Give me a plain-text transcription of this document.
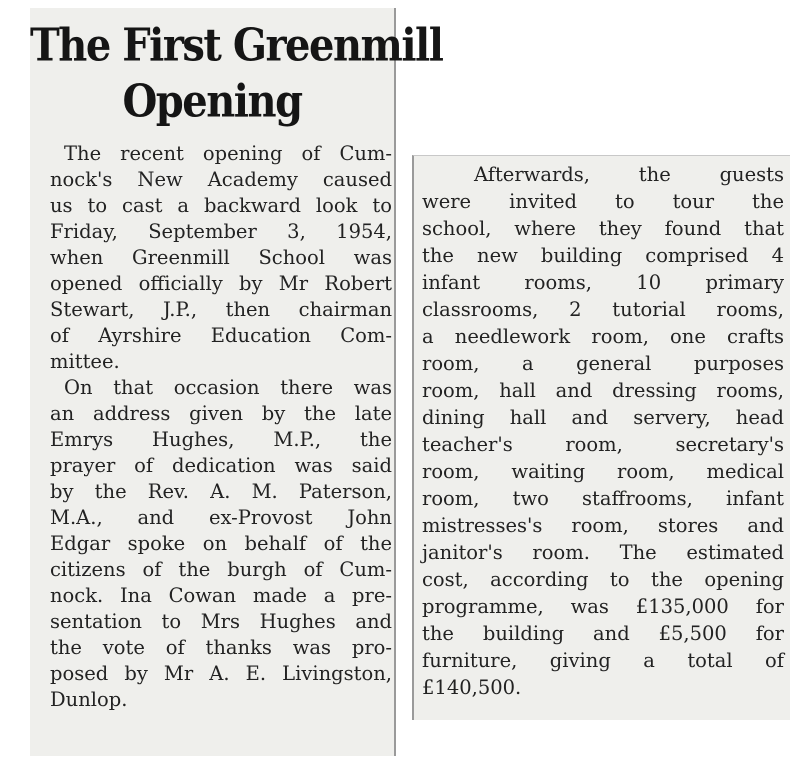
The First Greenmill
Opening

The recent opening of Cum-

nock's New Academy caused

us to cast a backward look to

Friday, September 3, 1954,

when Greenmill School was

opened officially by Mr Robert

Stewart, J.P., then chairman

of Ayrshire Education Com-

mittee.

On that occasion there was

an address given by the late

Emrys Hughes, M.P., the

prayer of dedication was said

by the Rev. A. M. Paterson,

M.A., and ex-Provost John

Edgar spoke on behalf of the

citizens of the burgh of Cum-

nock. Ina Cowan made a pre-

sentation to Mrs Hughes and

the vote of thanks was pro-

posed by Mr A. E. Livingston,

Dunlop.

Afterwards, the guests

were invited to tour the

school, where they found that

the new building comprised 4

infant rooms, 10 primary

classrooms, 2 tutorial rooms,

a needlework room, one crafts

room, a general purposes

room, hall and dressing rooms,

dining hall and servery, head

teacher's room, secretary's

room, waiting room, medical

room, two staffrooms, infant

mistresses's room, stores and

janitor's room. The estimated

cost, according to the opening

programme, was £135,000 for

the building and £5,500 for

furniture, giving a total of

£140,500.
